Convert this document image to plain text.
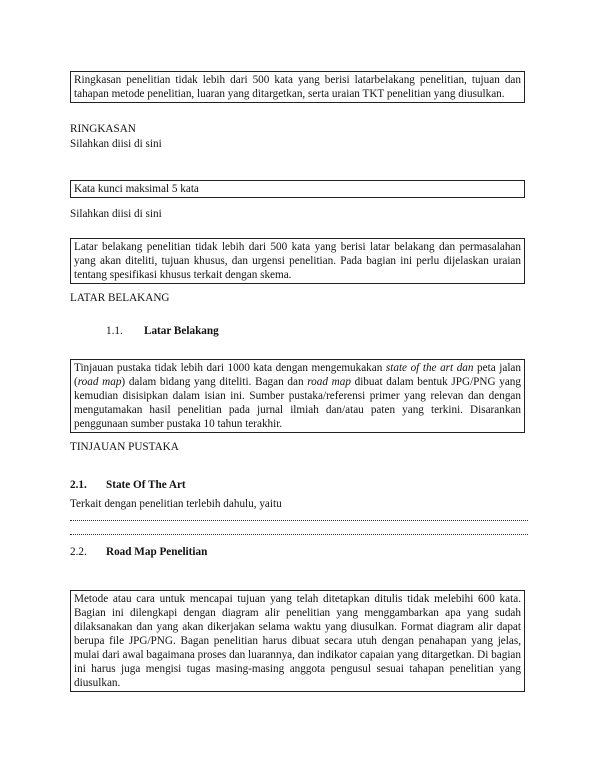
Ringkasan penelitian tidak lebih dari 500 kata yang berisi latarbelakang penelitian, tujuan dan tahapan metode penelitian, luaran yang ditargetkan, serta uraian TKT penelitian yang diusulkan.
RINGKASAN
Silahkan diisi di sini
Kata kunci maksimal 5 kata
Silahkan diisi di sini
Latar belakang penelitian tidak lebih dari 500 kata yang berisi latar belakang dan permasalahan yang akan diteliti, tujuan khusus, dan urgensi penelitian. Pada bagian ini perlu dijelaskan uraian tentang spesifikasi khusus terkait dengan skema.
LATAR BELAKANG
1.1. Latar Belakang
Tinjauan pustaka tidak lebih dari 1000 kata dengan mengemukakan state of the art dan peta jalan (road map) dalam bidang yang diteliti. Bagan dan road map dibuat dalam bentuk JPG/PNG yang kemudian disisipkan dalam isian ini. Sumber pustaka/referensi primer yang relevan dan dengan mengutamakan hasil penelitian pada jurnal ilmiah dan/atau paten yang terkini. Disarankan penggunaan sumber pustaka 10 tahun terakhir.
TINJAUAN PUSTAKA
2.1. State Of The Art
Terkait dengan penelitian terlebih dahulu, yaitu
2.2. Road Map Penelitian
Metode atau cara untuk mencapai tujuan yang telah ditetapkan ditulis tidak melebihi 600 kata. Bagian ini dilengkapi dengan diagram alir penelitian yang menggambarkan apa yang sudah dilaksanakan dan yang akan dikerjakan selama waktu yang diusulkan. Format diagram alir dapat berupa file JPG/PNG. Bagan penelitian harus dibuat secara utuh dengan penahapan yang jelas, mulai dari awal bagaimana proses dan luarannya, dan indikator capaian yang ditargetkan. Di bagian ini harus juga mengisi tugas masing-masing anggota pengusul sesuai tahapan penelitian yang diusulkan.
